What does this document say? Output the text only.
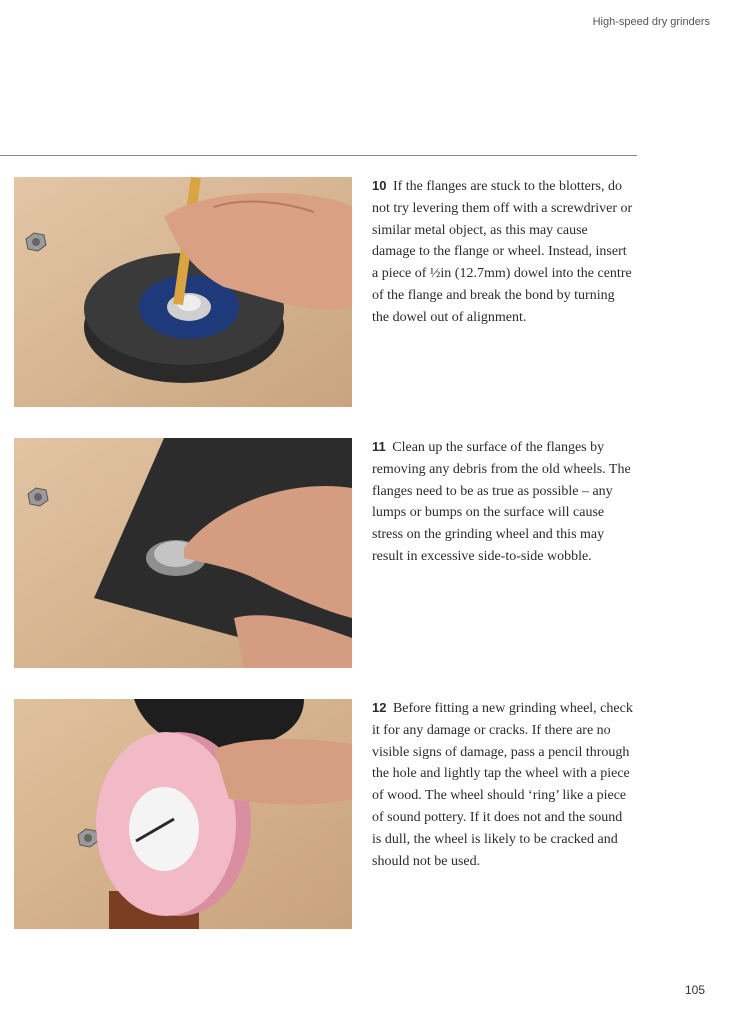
High-speed dry grinders
10 If the flanges are stuck to the blotters, do not try levering them off with a screwdriver or similar metal object, as this may cause damage to the flange or wheel. Instead, insert a piece of ½in (12.7mm) dowel into the centre of the flange and break the bond by turning the dowel out of alignment.
11 Clean up the surface of the flanges by removing any debris from the old wheels. The flanges need to be as true as possible – any lumps or bumps on the surface will cause stress on the grinding wheel and this may result in excessive side-to-side wobble.
12 Before fitting a new grinding wheel, check it for any damage or cracks. If there are no visible signs of damage, pass a pencil through the hole and lightly tap the wheel with a piece of wood. The wheel should ‘ring’ like a piece of sound pottery. If it does not and the sound is dull, the wheel is likely to be cracked and should not be used.
105
